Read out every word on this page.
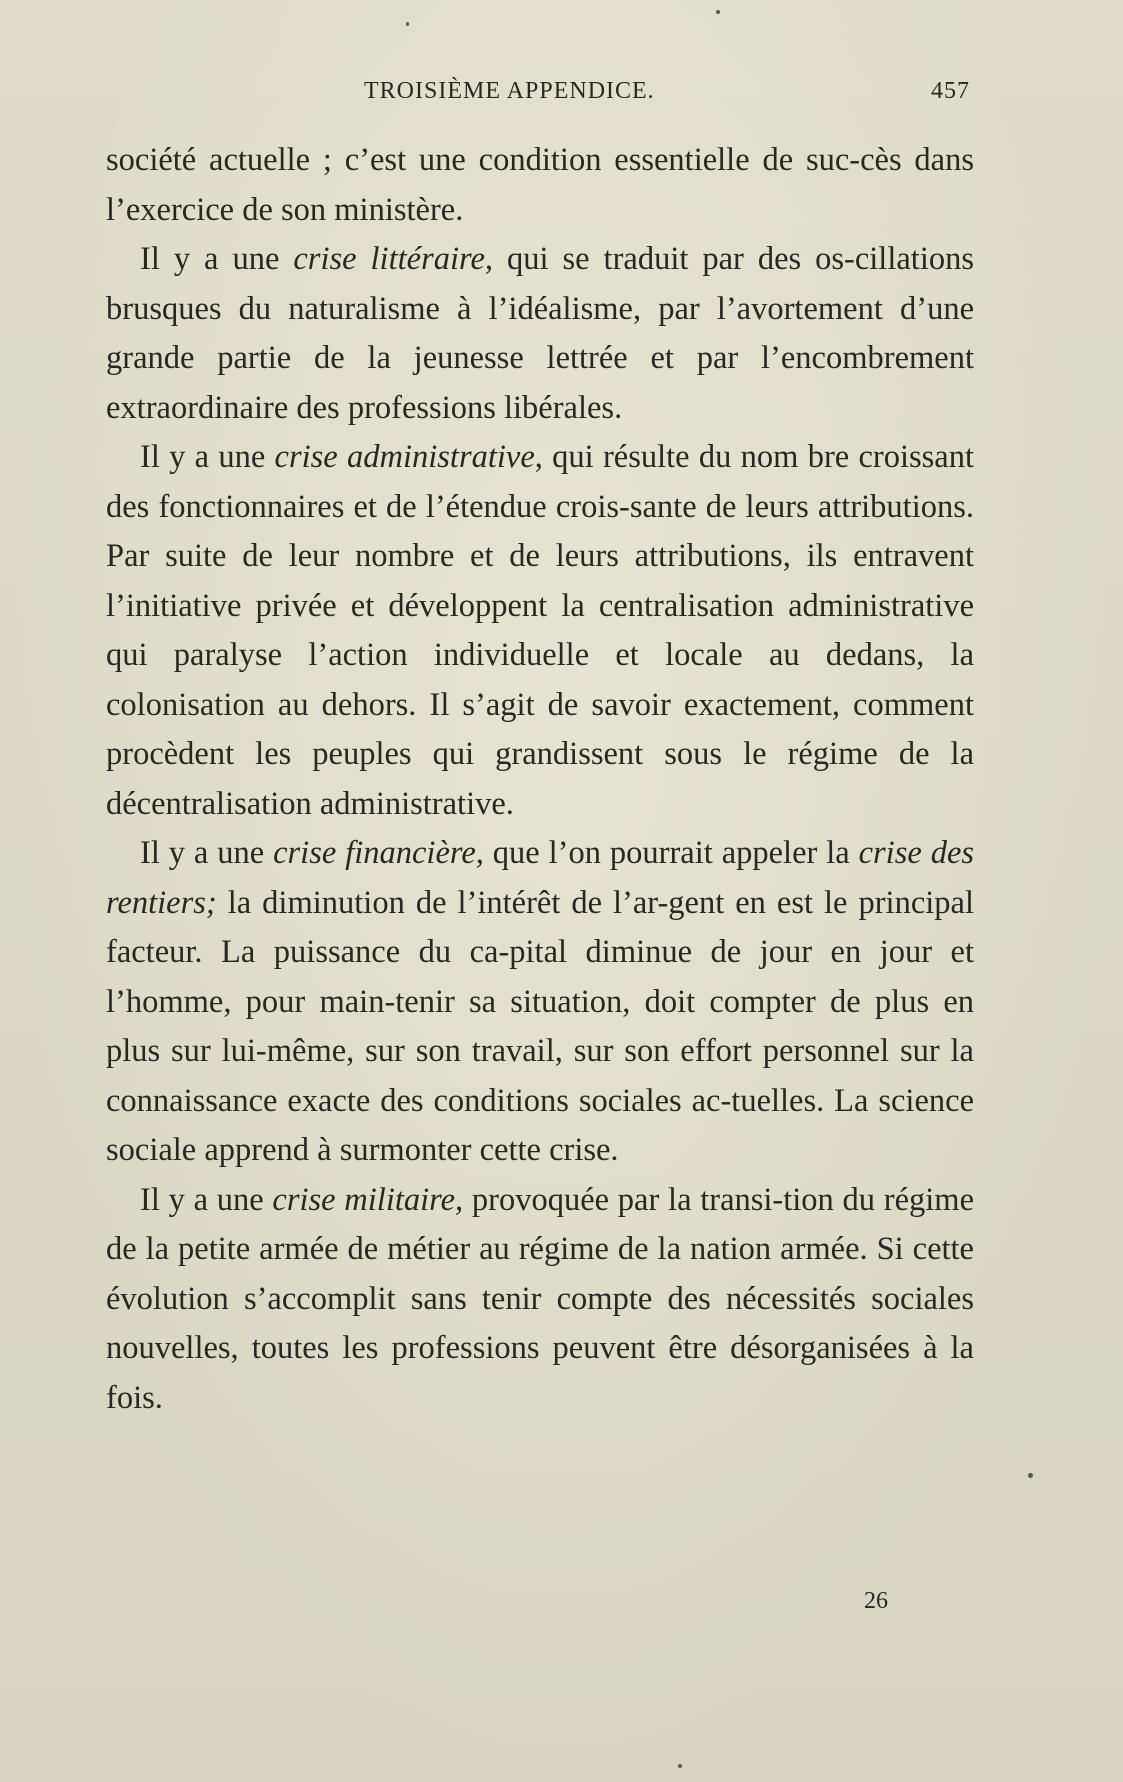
TROISIÈME APPENDICE.	457

société actuelle ; c’est une condition essentielle de suc-cès dans l’exercice de son ministère.

Il y a une crise littéraire, qui se traduit par des os-cillations brusques du naturalisme à l’idéalisme, par l’avortement d’une grande partie de la jeunesse lettrée et par l’encombrement extraordinaire des professions libérales.

Il y a une crise administrative, qui résulte du nom bre croissant des fonctionnaires et de l’étendue crois-sante de leurs attributions. Par suite de leur nombre et de leurs attributions, ils entravent l’initiative privée et développent la centralisation administrative qui paralyse l’action individuelle et locale au dedans, la colonisation au dehors. Il s’agit de savoir exactement, comment procèdent les peuples qui grandissent sous le régime de la décentralisation administrative.

Il y a une crise financière, que l’on pourrait appeler la crise des rentiers; la diminution de l’intérêt de l’ar-gent en est le principal facteur. La puissance du ca-pital diminue de jour en jour et l’homme, pour main-tenir sa situation, doit compter de plus en plus sur lui-même, sur son travail, sur son effort personnel sur la connaissance exacte des conditions sociales ac-tuelles. La science sociale apprend à surmonter cette crise.

Il y a une crise militaire, provoquée par la transi-tion du régime de la petite armée de métier au régime de la nation armée. Si cette évolution s’accomplit sans tenir compte des nécessités sociales nouvelles, toutes les professions peuvent être désorganisées à la fois.

26
